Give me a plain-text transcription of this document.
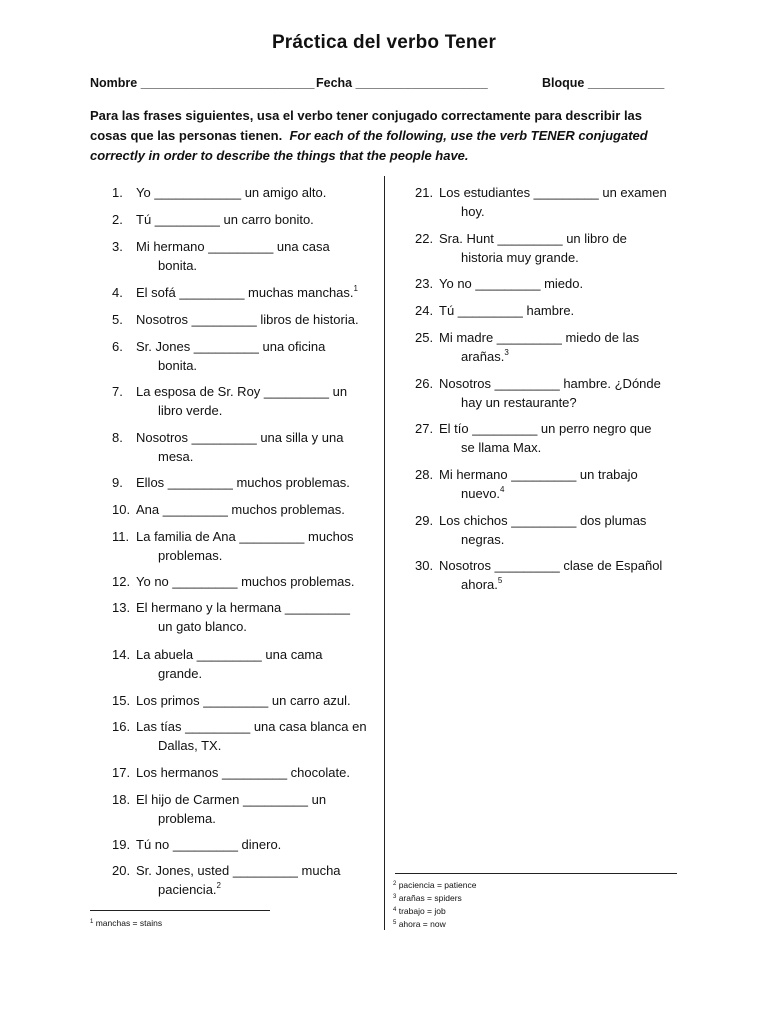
Práctica del verbo Tener
Nombre _________________________ Fecha ___________________	Bloque ___________
Para las frases siguientes, usa el verbo tener conjugado correctamente para describir las cosas que las personas tienen. For each of the following, use the verb TENER conjugated correctly in order to describe the things that the people have.
1. Yo ____________ un amigo alto.
2. Tú _________ un carro bonito.
3. Mi hermano _________ una casa
bonita.
4. El sofá _________ muchas manchas.$^1$
5. Nosotros _________ libros de historia.
6. Sr. Jones _________ una oficina
bonita.
7. La esposa de Sr. Roy _________ un
libro verde.
8. Nosotros _________ una silla y una
mesa.
9. Ellos _________ muchos problemas.
10. Ana _________ muchos problemas.
11. La familia de Ana _________ muchos
problemas.
12. Yo no _________ muchos problemas.
13. El hermano y la hermana _________
un gato blanco.
14. La abuela _________ una cama
grande.
15. Los primos _________ un carro azul.
16. Las tías _________ una casa blanca en
Dallas, TX.
17. Los hermanos _________ chocolate.
18. El hijo de Carmen _________ un
problema.
19. Tú no _________ dinero.
20. Sr. Jones, usted _________ mucha
paciencia.$^2$
21. Los estudiantes _________ un examen
hoy.
22. Sra. Hunt _________ un libro de
historia muy grande.
23. Yo no _________ miedo.
24. Tú _________ hambre.
25. Mi madre _________ miedo de las
arañas.$^3$
26. Nosotros _________ hambre. ¿Dónde
hay un restaurante?
27. El tío _________ un perro negro que
se llama Max.
28. Mi hermano _________ un trabajo
nuevo.$^4$
29. Los chichos _________ dos plumas
negras.
30. Nosotros _________ clase de Español
ahora.$^5$
$^1$ manchas = stains
$^2$ paciencia = patience
$^3$ arañas = spiders
$^4$ trabajo = job
$^5$ ahora = now
